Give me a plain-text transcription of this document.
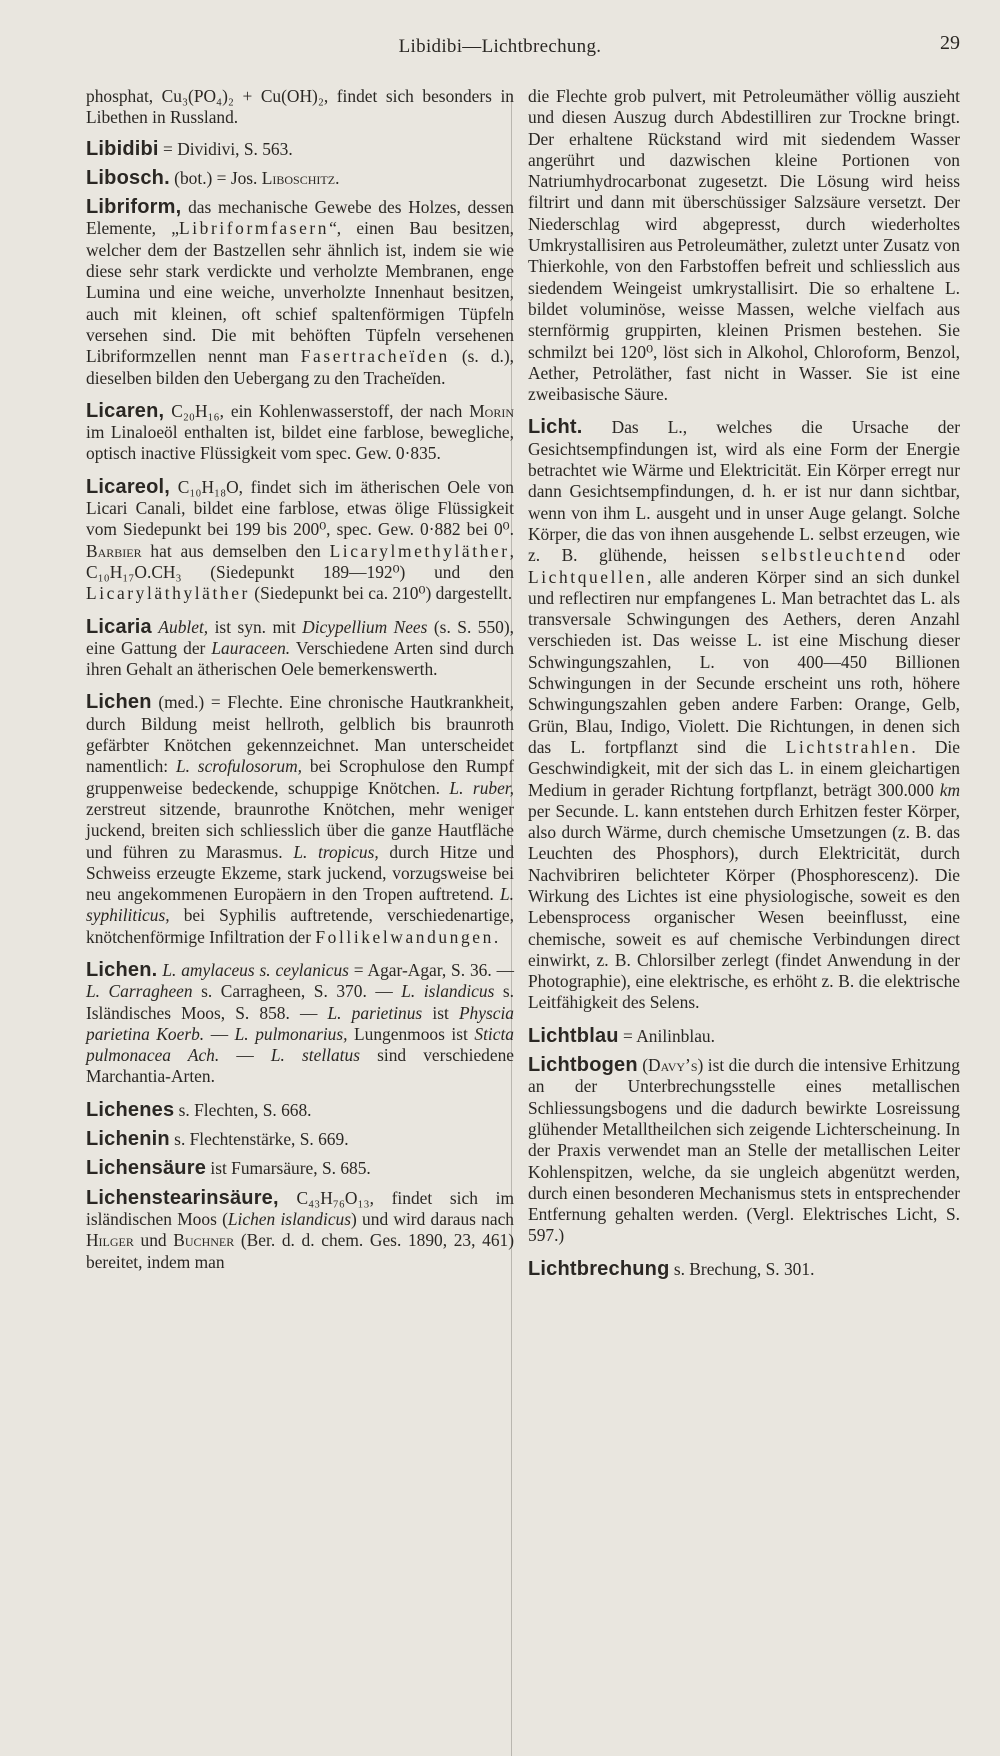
Libidibi—Lichtbrechung.	29

phosphat, Cu₃(PO₄)₂ + Cu(OH)₂, findet sich besonders in Libethen in Russland.

Libidibi = Dividivi, S. 563.

Libosch. (bot.) = Jos. Liboschitz.

Libriform, das mechanische Gewebe des Holzes, dessen Elemente, „Libriformfasern“, einen Bau besitzen, welcher dem der Bastzellen sehr ähnlich ist, indem sie wie diese sehr stark verdickte und verholzte Membranen, enge Lumina und eine weiche, unverholzte Innenhaut besitzen, auch mit kleinen, oft schief spaltenförmigen Tüpfeln versehen sind. Die mit behöften Tüpfeln versehenen Libriformzellen nennt man Fasertracheïden (s. d.), dieselben bilden den Uebergang zu den Tracheïden.

Licaren, C₂₀H₁₆, ein Kohlenwasserstoff, der nach Morin im Linaloeöl enthalten ist, bildet eine farblose, bewegliche, optisch inactive Flüssigkeit vom spec. Gew. 0·835.

Licareol, C₁₀H₁₈O, findet sich im ätherischen Oele von Licari Canali, bildet eine farblose, etwas ölige Flüssigkeit vom Siedepunkt bei 199 bis 200⁰, spec. Gew. 0·882 bei 0⁰. Barbier hat aus demselben den Licarylmethyläther, C₁₀H₁₇O.CH₃ (Siedepunkt 189—192⁰) und den Licaryläthyläther (Siedepunkt bei ca. 210⁰) dargestellt.

Licaria Aublet, ist syn. mit Dicypellium Nees (s. S. 550), eine Gattung der Lauraceen. Verschiedene Arten sind durch ihren Gehalt an ätherischen Oele bemerkenswerth.

Lichen (med.) = Flechte. Eine chronische Hautkrankheit, durch Bildung meist hellroth, gelblich bis braunroth gefärbter Knötchen gekennzeichnet. Man unterscheidet namentlich: L. scrofulosorum, bei Scrophulose den Rumpf gruppenweise bedeckende, schuppige Knötchen. L. ruber, zerstreut sitzende, braunrothe Knötchen, mehr weniger juckend, breiten sich schliesslich über die ganze Hautfläche und führen zu Marasmus. L. tropicus, durch Hitze und Schweiss erzeugte Ekzeme, stark juckend, vorzugsweise bei neu angekommenen Europäern in den Tropen auftretend. L. syphiliticus, bei Syphilis auftretende, verschiedenartige, knötchenförmige Infiltration der Follikelwandungen.

Lichen. L. amylaceus s. ceylanicus = Agar-Agar, S. 36. — L. Carragheen s. Carragheen, S. 370. — L. islandicus s. Isländisches Moos, S. 858. — L. parietinus ist Physcia parietina Koerb. — L. pulmonarius, Lungenmoos ist Sticta pulmonacea Ach. — L. stellatus sind verschiedene Marchantia-Arten.

Lichenes s. Flechten, S. 668.

Lichenin s. Flechtenstärke, S. 669.

Lichensäure ist Fumarsäure, S. 685.

Lichenstearinsäure, C₄₃H₇₆O₁₃, findet sich im isländischen Moos (Lichen islandicus) und wird daraus nach Hilger und Buchner (Ber. d. d. chem. Ges. 1890, 23, 461) bereitet, indem man

die Flechte grob pulvert, mit Petroleumäther völlig auszieht und diesen Auszug durch Abdestilliren zur Trockne bringt. Der erhaltene Rückstand wird mit siedendem Wasser angerührt und dazwischen kleine Portionen von Natriumhydrocarbonat zugesetzt. Die Lösung wird heiss filtrirt und dann mit überschüssiger Salzsäure versetzt. Der Niederschlag wird abgepresst, durch wiederholtes Umkrystallisiren aus Petroleumäther, zuletzt unter Zusatz von Thierkohle, von den Farbstoffen befreit und schliesslich aus siedendem Weingeist umkrystallisirt. Die so erhaltene L. bildet voluminöse, weisse Massen, welche vielfach aus sternförmig gruppirten, kleinen Prismen bestehen. Sie schmilzt bei 120⁰, löst sich in Alkohol, Chloroform, Benzol, Aether, Petroläther, fast nicht in Wasser. Sie ist eine zweibasische Säure.

Licht. Das L., welches die Ursache der Gesichtsempfindungen ist, wird als eine Form der Energie betrachtet wie Wärme und Elektricität. Ein Körper erregt nur dann Gesichtsempfindungen, d. h. er ist nur dann sichtbar, wenn von ihm L. ausgeht und in unser Auge gelangt. Solche Körper, die das von ihnen ausgehende L. selbst erzeugen, wie z. B. glühende, heissen selbstleuchtend oder Lichtquellen, alle anderen Körper sind an sich dunkel und reflectiren nur empfangenes L. Man betrachtet das L. als transversale Schwingungen des Aethers, deren Anzahl verschieden ist. Das weisse L. ist eine Mischung dieser Schwingungszahlen, L. von 400—450 Billionen Schwingungen in der Secunde erscheint uns roth, höhere Schwingungszahlen geben andere Farben: Orange, Gelb, Grün, Blau, Indigo, Violett. Die Richtungen, in denen sich das L. fortpflanzt sind die Lichtstrahlen. Die Geschwindigkeit, mit der sich das L. in einem gleichartigen Medium in gerader Richtung fortpflanzt, beträgt 300.000 km per Secunde. L. kann entstehen durch Erhitzen fester Körper, also durch Wärme, durch chemische Umsetzungen (z. B. das Leuchten des Phosphors), durch Elektricität, durch Nachvibriren belichteter Körper (Phosphorescenz). Die Wirkung des Lichtes ist eine physiologische, soweit es den Lebensprocess organischer Wesen beeinflusst, eine chemische, soweit es auf chemische Verbindungen direct einwirkt, z. B. Chlorsilber zerlegt (findet Anwendung in der Photographie), eine elektrische, es erhöht z. B. die elektrische Leitfähigkeit des Selens.

Lichtblau = Anilinblau.

Lichtbogen (Davy’s) ist die durch die intensive Erhitzung an der Unterbrechungsstelle eines metallischen Schliessungsbogens und die dadurch bewirkte Losreissung glühender Metalltheilchen sich zeigende Lichterscheinung. In der Praxis verwendet man an Stelle der metallischen Leiter Kohlenspitzen, welche, da sie ungleich abgenützt werden, durch einen besonderen Mechanismus stets in entsprechender Entfernung gehalten werden. (Vergl. Elektrisches Licht, S. 597.)

Lichtbrechung s. Brechung, S. 301.
